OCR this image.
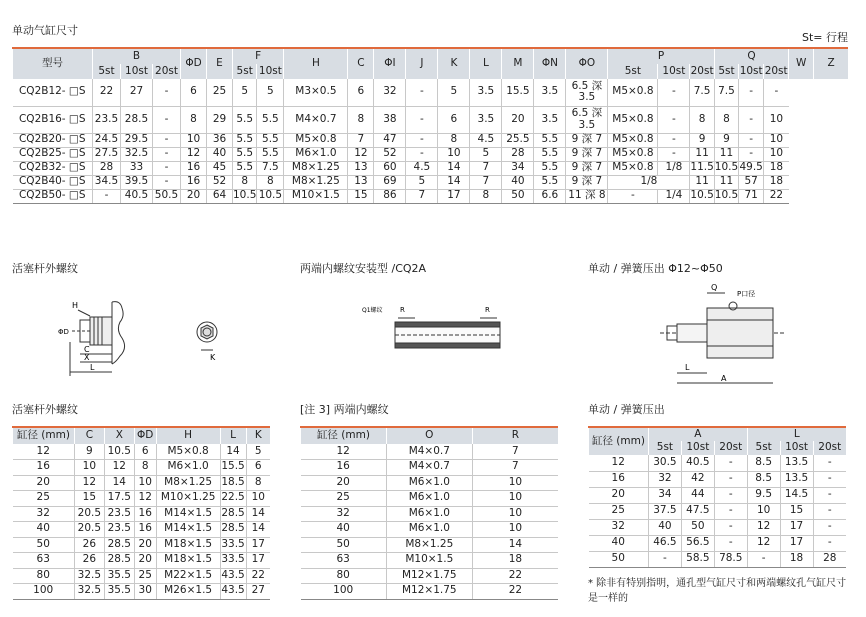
单动气缸尺寸
St= 行程
型号	B			ΦD	E	F		H	C	ΦI	J	K	L	M	ΦN	ΦO	P			Q			W	Z
	5st	10st	20st			5st	10st										5st	10st	20st	5st	10st	20st		
CQ2B12- □S	22	27	-	6	25	5	5	M3×0.5	6	32	-	5	3.5	15.5	3.5	6.5 深 3.5	M5×0.8	-	7.5	7.5	-	-		
CQ2B16- □S	23.5	28.5	-	8	29	5.5	5.5	M4×0.7	8	38	-	6	3.5	20	3.5	6.5 深 3.5	M5×0.8	-	8	8	-	10		
CQ2B20- □S	24.5	29.5	-	10	36	5.5	5.5	M5×0.8	7	47	-	8	4.5	25.5	5.5	9 深 7	M5×0.8	-	9	9	-	10		
CQ2B25- □S	27.5	32.5	-	12	40	5.5	5.5	M6×1.0	12	52	-	10	5	28	5.5	9 深 7	M5×0.8	-	11	11	-	10		
CQ2B32- □S	28	33	-	16	45	5.5	7.5	M8×1.25	13	60	4.5	14	7	34	5.5	9 深 7	M5×0.8	1/8	11.5	10.5	49.5	18		
CQ2B40- □S	34.5	39.5	-	16	52	8	8	M8×1.25	13	69	5	14	7	40	5.5	9 深 7	1/8		11	11	57	18		
CQ2B50- □S	-	40.5	50.5	20	64	10.5	10.5	M10×1.5	15	86	7	17	8	50	6.6	11 深 8	-	1/4	10.5	10.5	71	22		
活塞杆外螺纹	两端内螺纹安装型 /CQ2A	单动 / 弹簧压出 Φ12~Φ50
H
ΦD
C
X
L
K
Q1螺纹 R	R
Q
P口径
L
A
活塞杆外螺纹	[注 3] 两端内螺纹	单动 / 弹簧压出
缸径 (mm)	C	X	ΦD	H	L	K
12	9	10.5	6	M5×0.8	14	5
16	10	12	8	M6×1.0	15.5	6
20	12	14	10	M8×1.25	18.5	8
25	15	17.5	12	M10×1.25	22.5	10
32	20.5	23.5	16	M14×1.5	28.5	14
40	20.5	23.5	16	M14×1.5	28.5	14
50	26	28.5	20	M18×1.5	33.5	17
63	26	28.5	20	M18×1.5	33.5	17
80	32.5	35.5	25	M22×1.5	43.5	22
100	32.5	35.5	30	M26×1.5	43.5	27
缸径 (mm)	O	R
12	M4×0.7	7
16	M4×0.7	7
20	M6×1.0	10
25	M6×1.0	10
32	M6×1.0	10
40	M6×1.0	10
50	M8×1.25	14
63	M10×1.5	18
80	M12×1.75	22
100	M12×1.75	22
缸径 (mm)	A			L		
	5st	10st	20st	5st	10st	20st
12	30.5	40.5	-	8.5	13.5	-
16	32	42	-	8.5	13.5	-
20	34	44	-	9.5	14.5	-
25	37.5	47.5	-	10	15	-
32	40	50	-	12	17	-
40	46.5	56.5	-	12	17	-
50	-	58.5	78.5	-	18	28
* 除非有特别指明，通孔型气缸尺寸和两端螺纹孔气缸尺寸是一样的
